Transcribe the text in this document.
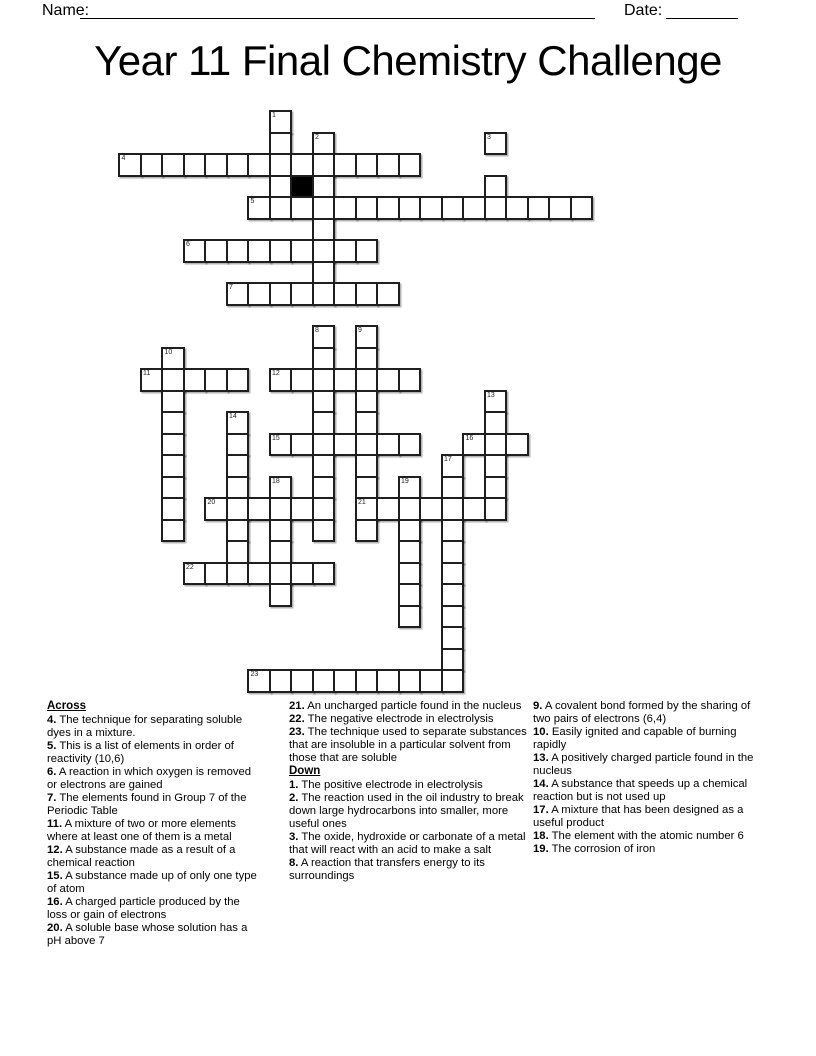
Name:	Date:
Year 11 Final Chemistry Challenge
1
2	3
4
5
6
7
8	9
10
11	12
13
14
15	16
17
18	19
20	21
22
23
Across
4. The technique for separating soluble dyes in a mixture.
5. This is a list of elements in order of reactivity (10,6)
6. A reaction in which oxygen is removed or electrons are gained
7. The elements found in Group 7 of the Periodic Table
11. A mixture of two or more elements where at least one of them is a metal
12. A substance made as a result of a chemical reaction
15. A substance made up of only one type of atom
16. A charged particle produced by the loss or gain of electrons
20. A soluble base whose solution has a pH above 7
21. An uncharged particle found in the nucleus
22. The negative electrode in electrolysis
23. The technique used to separate substances that are insoluble in a particular solvent from those that are soluble
Down
1. The positive electrode in electrolysis
2. The reaction used in the oil industry to break down large hydrocarbons into smaller, more useful ones
3. The oxide, hydroxide or carbonate of a metal that will react with an acid to make a salt
8. A reaction that transfers energy to its surroundings
9. A covalent bond formed by the sharing of two pairs of electrons (6,4)
10. Easily ignited and capable of burning rapidly
13. A positively charged particle found in the nucleus
14. A substance that speeds up a chemical reaction but is not used up
17. A mixture that has been designed as a useful product
18. The element with the atomic number 6
19. The corrosion of iron
